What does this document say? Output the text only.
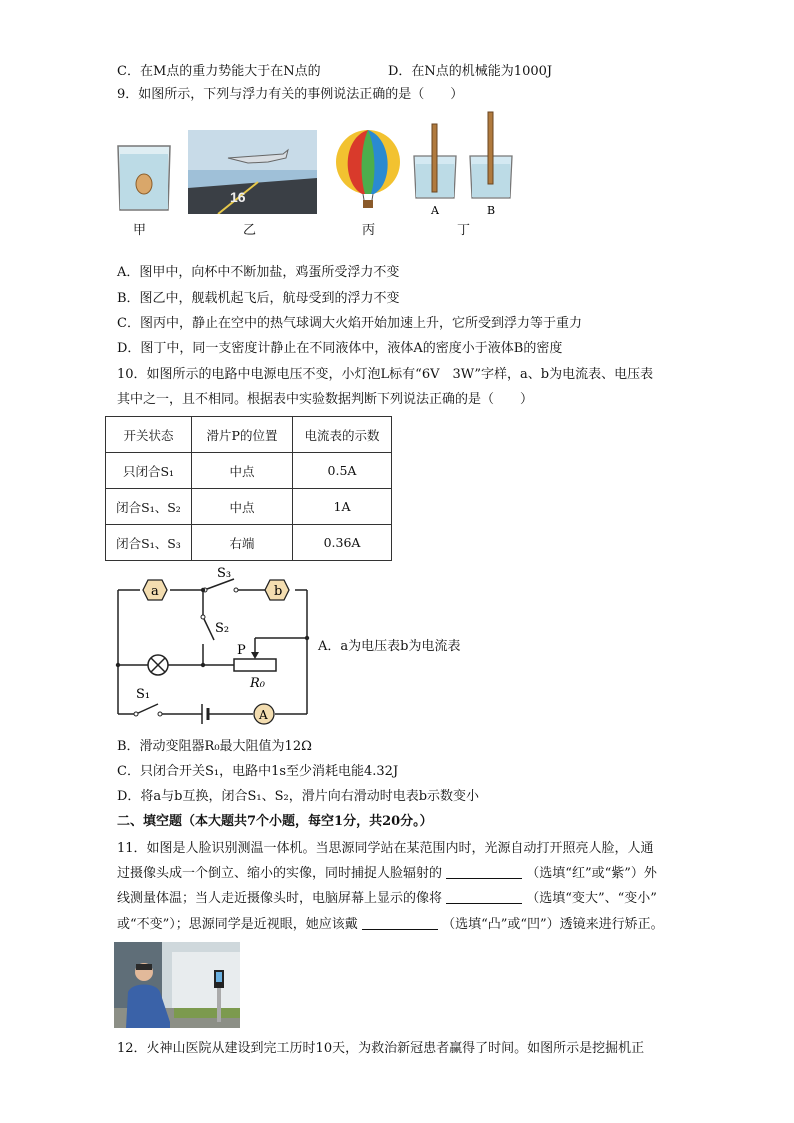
C．在M点的重力势能大于在N点的	D．在N点的机械能为1000J
9．如图所示，下列与浮力有关的事例说法正确的是（　　）
16
A	B
甲	乙	丙	丁
A．图甲中，向杯中不断加盐，鸡蛋所受浮力不变
B．图乙中，舰载机起飞后，航母受到的浮力不变
C．图丙中，静止在空中的热气球调大火焰开始加速上升，它所受到浮力等于重力
D．图丁中，同一支密度计静止在不同液体中，液体A的密度小于液体B的密度
10．如图所示的电路中电源电压不变，小灯泡L标有“6V　3W”字样，a、b为电流表、电压表
其中之一，且不相同。根据表中实验数据判断下列说法正确的是（　　）
开关状态	滑片P的位置	电流表的示数
只闭合S₁	中点	0.5A
闭合S₁、S₂	中点	1A
闭合S₁、S₃	右端	0.36A
a	b
S₃
S₂
P
R₀
S₁
A
A．a为电压表b为电流表
B．滑动变阻器R₀最大阻值为12Ω
C．只闭合开关S₁，电路中1s至少消耗电能4.32J
D．将a与b互换，闭合S₁、S₂，滑片向右滑动时电表b示数变小
二、填空题（本大题共7个小题，每空1分，共20分。）
11．如图是人脸识别测温一体机。当思源同学站在某范围内时，光源自动打开照亮人脸，人通
过摄像头成一个倒立、缩小的实像，同时捕捉人脸辐射的	（选填“红”或“紫”）外
线测量体温；当人走近摄像头时，电脑屏幕上显示的像将	（选填“变大”、“变小”
或“不变”）；思源同学是近视眼，她应该戴	（选填“凸”或“凹”）透镜来进行矫正。
12．火神山医院从建设到完工历时10天，为救治新冠患者赢得了时间。如图所示是挖掘机正
